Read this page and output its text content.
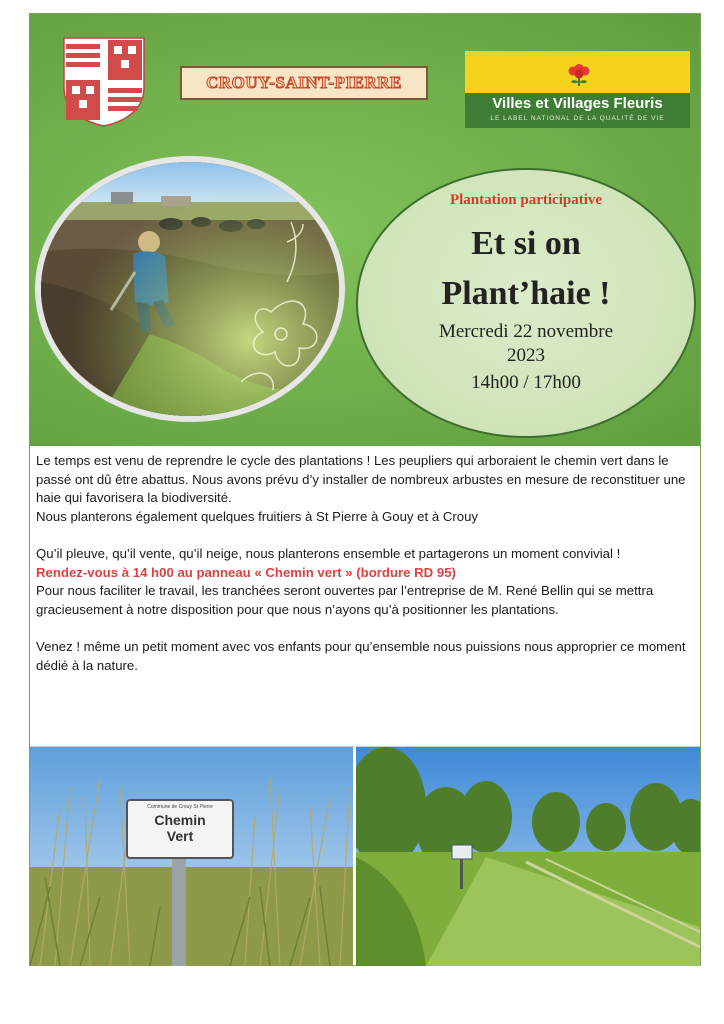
CROUY-SAINT-PIERRE
Villes et Villages Fleuris
LE LABEL NATIONAL DE LA QUALITÉ DE VIE
Plantation participative
Et si on
Plant’haie !
Mercredi 22 novembre
2023
14h00 / 17h00

Le temps est venu de reprendre le cycle des plantations ! Les peupliers qui arboraient le chemin vert dans le passé ont dû être abattus. Nous avons prévu d’y installer de nombreux arbustes en mesure de reconstituer une haie qui favorisera la biodiversité.

Nous planterons également quelques fruitiers à St Pierre à Gouy et à Crouy

Qu’il pleuve, qu’il vente, qu’il neige, nous planterons ensemble et partagerons un moment convivial !

Rendez-vous à 14 h00 au panneau « Chemin vert » (bordure RD 95)

Pour nous faciliter le travail, les tranchées seront ouvertes par l’entreprise de M. René Bellin qui se mettra gracieusement à notre disposition pour que nous n’ayons qu’à positionner les plantations.

Venez ! même un petit moment avec vos enfants pour qu’ensemble nous puissions nous approprier ce moment dédié à la nature.

Commune de Crouy St Pierre
Chemin
Vert
